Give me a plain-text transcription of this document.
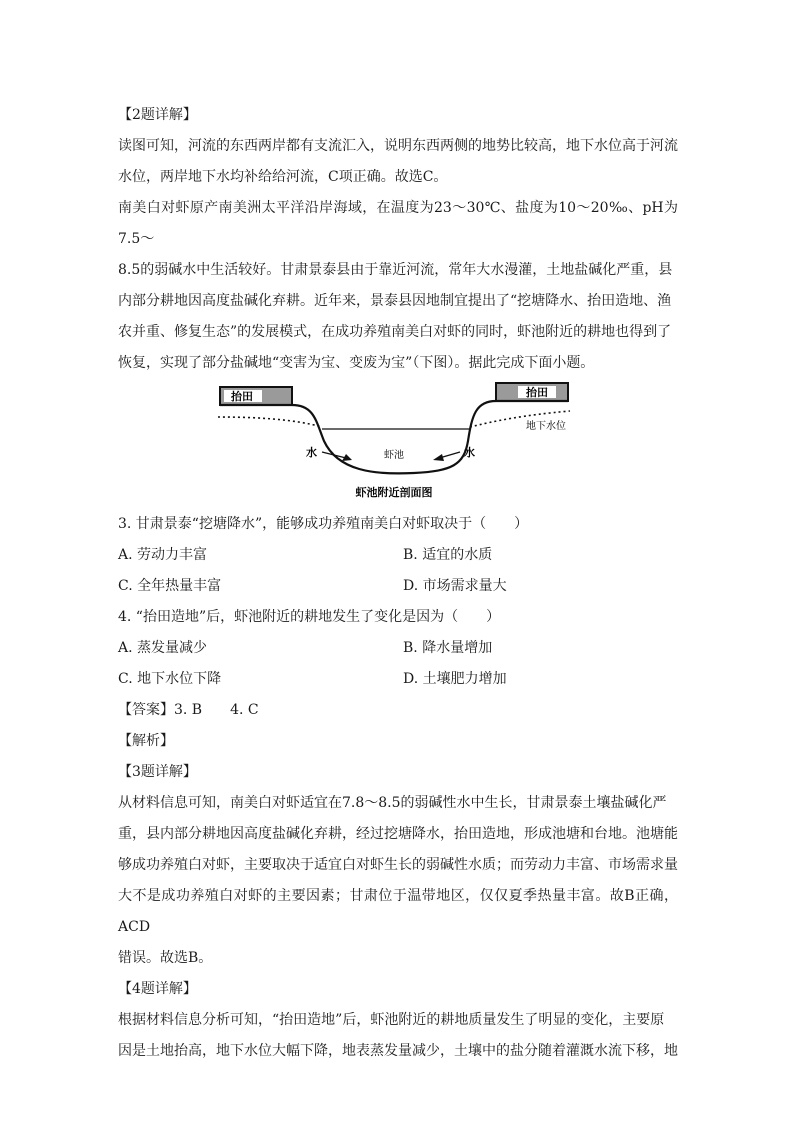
【2题详解】

读图可知，河流的东西两岸都有支流汇入，说明东西两侧的地势比较高，地下水位高于河流

水位，两岸地下水均补给给河流，C项正确。故选C。

南美白对虾原产南美洲太平洋沿岸海域，在温度为23～30℃、盐度为10～20‰、pH为7.5～

8.5的弱碱水中生活较好。甘肃景泰县由于靠近河流，常年大水漫灌，土地盐碱化严重，县

内部分耕地因高度盐碱化弃耕。近年来，景泰县因地制宜提出了“挖塘降水、抬田造地、渔

农并重、修复生态”的发展模式，在成功养殖南美白对虾的同时，虾池附近的耕地也得到了

恢复，实现了部分盐碱地“变害为宝、变废为宝”（下图）。据此完成下面小题。

抬田	抬田
地下水位
水	水
虾池
虾池附近剖面图

3. 甘肃景泰“挖塘降水”，能够成功养殖南美白对虾取决于（　　）

A. 劳动力丰富	B. 适宜的水质
C. 全年热量丰富	D. 市场需求量大

4. “抬田造地”后，虾池附近的耕地发生了变化是因为（　　）

A. 蒸发量减少	B. 降水量增加
C. 地下水位下降	D. 土壤肥力增加

【答案】3. B　　4. C

【解析】

【3题详解】

从材料信息可知，南美白对虾适宜在7.8～8.5的弱碱性水中生长，甘肃景泰土壤盐碱化严

重，县内部分耕地因高度盐碱化弃耕，经过挖塘降水，抬田造地，形成池塘和台地。池塘能

够成功养殖白对虾，主要取决于适宜白对虾生长的弱碱性水质；而劳动力丰富、市场需求量

大不是成功养殖白对虾的主要因素；甘肃位于温带地区，仅仅夏季热量丰富。故B正确，ACD

错误。故选B。

【4题详解】

根据材料信息分析可知，“抬田造地”后，虾池附近的耕地质量发生了明显的变化，主要原

因是土地抬高，地下水位大幅下降，地表蒸发量减少，土壤中的盐分随着灌溉水流下移，地
